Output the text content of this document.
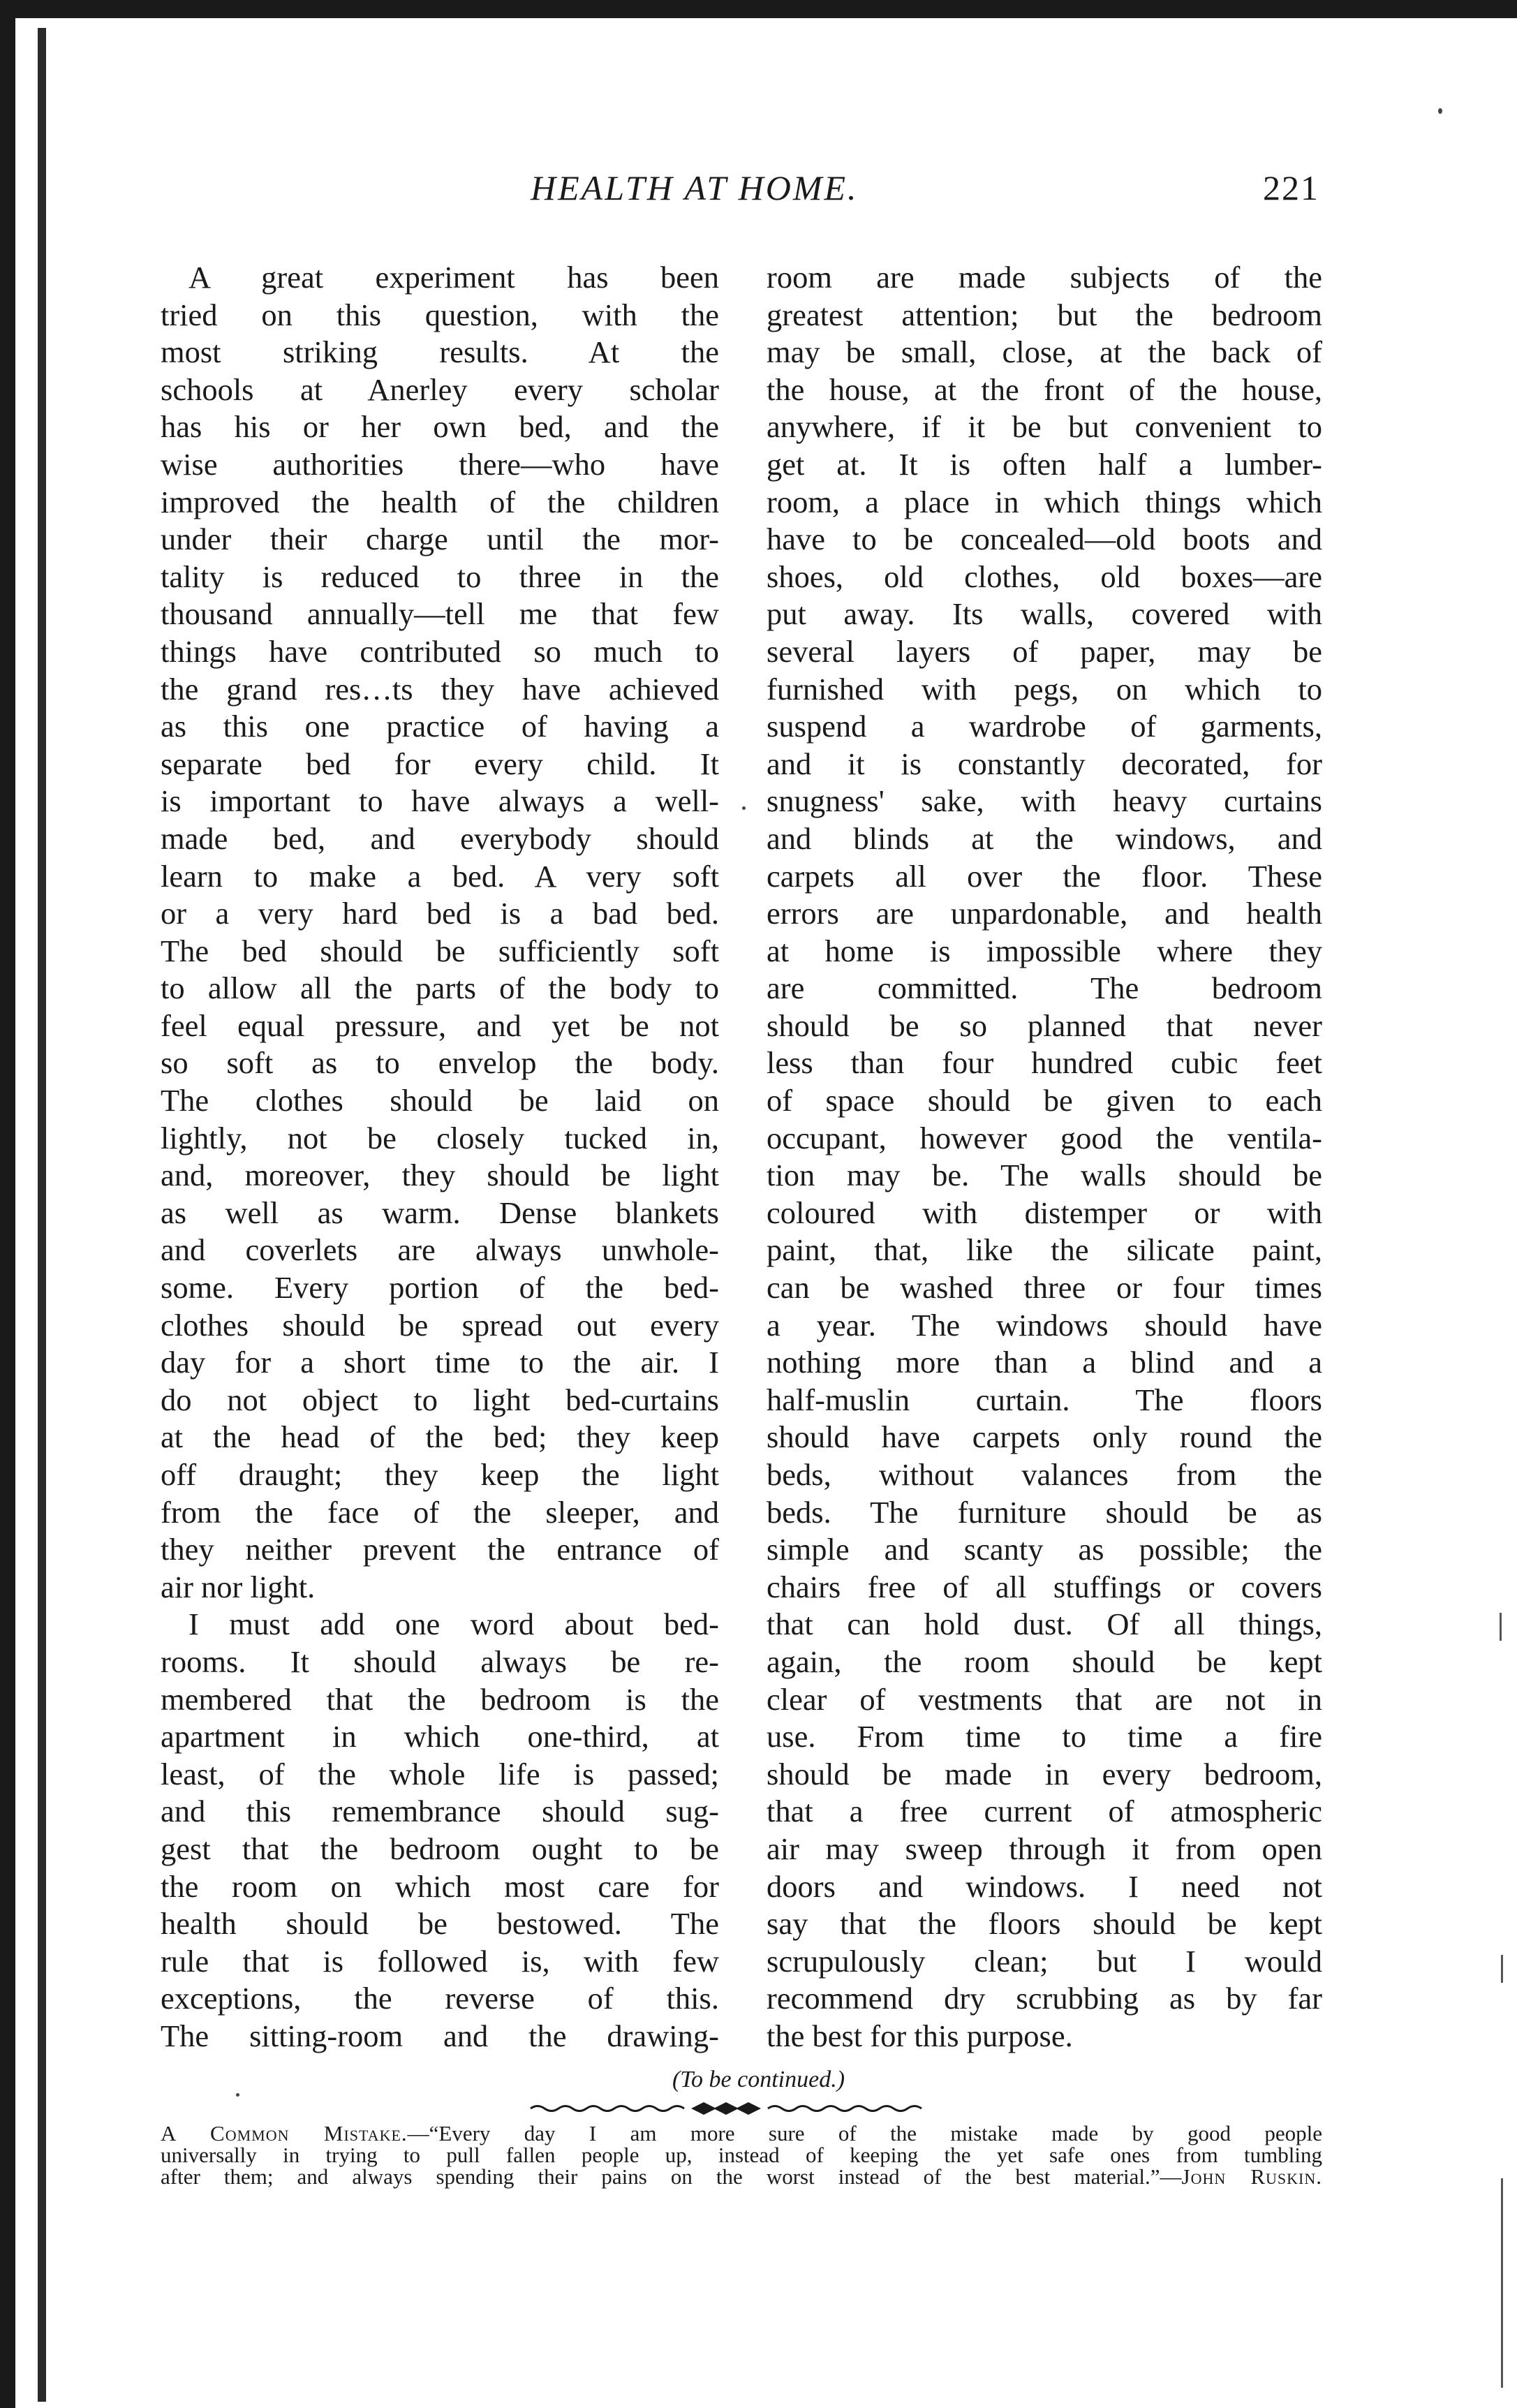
HEALTH AT HOME.	221
A great experiment has been
tried on this question, with the
most striking results. At the
schools at Anerley every scholar
has his or her own bed, and the
wise authorities there—who have
improved the health of the children
under their charge until the mor-
tality is reduced to three in the
thousand annually—tell me that few
things have contributed so much to
the grand res…ts they have achieved
as this one practice of having a
separate bed for every child. It
is important to have always a well-
made bed, and everybody should
learn to make a bed. A very soft
or a very hard bed is a bad bed.
The bed should be sufficiently soft
to allow all the parts of the body to
feel equal pressure, and yet be not
so soft as to envelop the body.
The clothes should be laid on
lightly, not be closely tucked in,
and, moreover, they should be light
as well as warm. Dense blankets
and coverlets are always unwhole-
some. Every portion of the bed-
clothes should be spread out every
day for a short time to the air. I
do not object to light bed-curtains
at the head of the bed; they keep
off draught; they keep the light
from the face of the sleeper, and
they neither prevent the entrance of
air nor light.
I must add one word about bed-
rooms. It should always be re-
membered that the bedroom is the
apartment in which one-third, at
least, of the whole life is passed;
and this remembrance should sug-
gest that the bedroom ought to be
the room on which most care for
health should be bestowed. The
rule that is followed is, with few
exceptions, the reverse of this.
The sitting-room and the drawing-
room are made subjects of the
greatest attention; but the bedroom
may be small, close, at the back of
the house, at the front of the house,
anywhere, if it be but convenient to
get at. It is often half a lumber-
room, a place in which things which
have to be concealed—old boots and
shoes, old clothes, old boxes—are
put away. Its walls, covered with
several layers of paper, may be
furnished with pegs, on which to
suspend a wardrobe of garments,
and it is constantly decorated, for
snugness' sake, with heavy curtains
and blinds at the windows, and
carpets all over the floor. These
errors are unpardonable, and health
at home is impossible where they
are committed. The bedroom
should be so planned that never
less than four hundred cubic feet
of space should be given to each
occupant, however good the ventila-
tion may be. The walls should be
coloured with distemper or with
paint, that, like the silicate paint,
can be washed three or four times
a year. The windows should have
nothing more than a blind and a
half-muslin curtain. The floors
should have carpets only round the
beds, without valances from the
beds. The furniture should be as
simple and scanty as possible; the
chairs free of all stuffings or covers
that can hold dust. Of all things,
again, the room should be kept
clear of vestments that are not in
use. From time to time a fire
should be made in every bedroom,
that a free current of atmospheric
air may sweep through it from open
doors and windows. I need not
say that the floors should be kept
scrupulously clean; but I would
recommend dry scrubbing as by far
the best for this purpose.
(To be continued.)
A Common Mistake.—“Every day I am more sure of the mistake made by good people
universally in trying to pull fallen people up, instead of keeping the yet safe ones from tumbling
after them; and always spending their pains on the worst instead of the best material.”—John Ruskin.
